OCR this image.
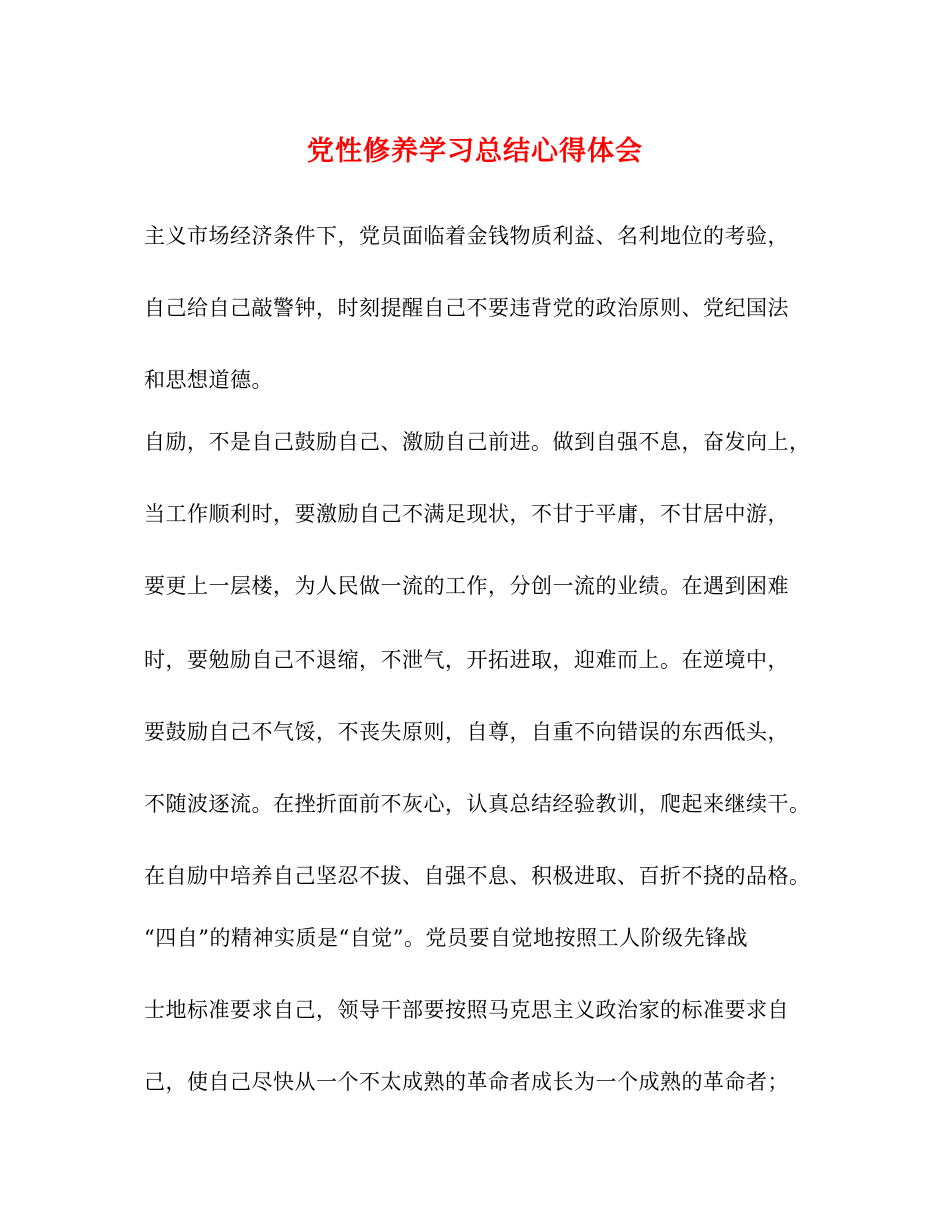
党性修养学习总结心得体会
主义市场经济条件下，党员面临着金钱物质利益、名利地位的考验，
自己给自己敲警钟，时刻提醒自己不要违背党的政治原则、党纪国法
和思想道德。
自励，不是自己鼓励自己、激励自己前进。做到自强不息，奋发向上，
当工作顺利时，要激励自己不满足现状，不甘于平庸，不甘居中游，
要更上一层楼，为人民做一流的工作，分创一流的业绩。在遇到困难
时，要勉励自己不退缩，不泄气，开拓进取，迎难而上。在逆境中，
要鼓励自己不气馁，不丧失原则，自尊，自重不向错误的东西低头，
不随波逐流。在挫折面前不灰心，认真总结经验教训，爬起来继续干。
在自励中培养自己坚忍不拔、自强不息、积极进取、百折不挠的品格。
“四自”的精神实质是“自觉”。党员要自觉地按照工人阶级先锋战
士地标准要求自己，领导干部要按照马克思主义政治家的标准要求自
己，使自己尽快从一个不太成熟的革命者成长为一个成熟的革命者；
